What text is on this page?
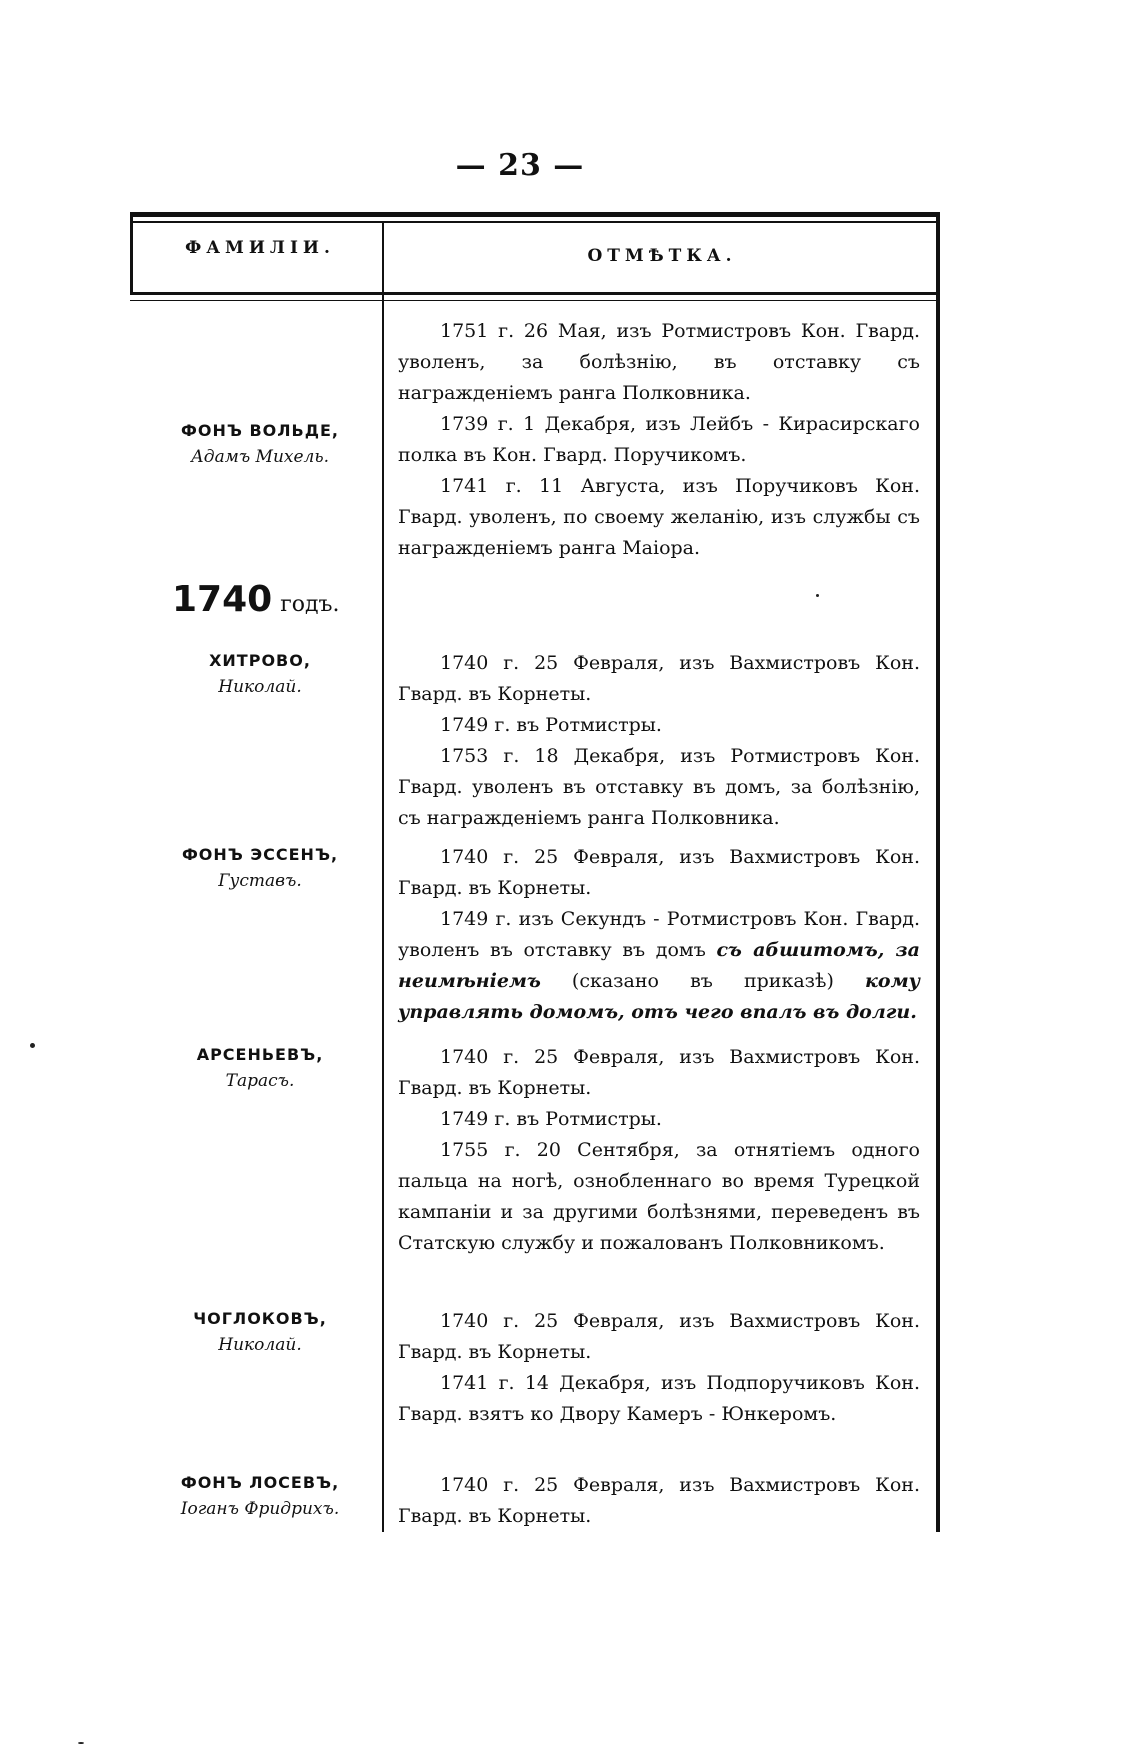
— 23 —
ФАМИЛІИ.	ОТМѢТКА.
ФОНЪ ВОЛЬДЕ,
Адамъ Михель.

1751 г. 26 Мая, изъ Ротмистровъ Кон. Гвард. уволенъ, за болѣзнію, въ отставку съ награжденіемъ ранга Полковника.

1739 г. 1 Декабря, изъ Лейбъ - Кирасирскаго полка въ Кон. Гвард. Поручикомъ.

1741 г. 11 Августа, изъ Поручиковъ Кон. Гвард. уволенъ, по своему желанію, изъ службы съ награжденіемъ ранга Маіора.

1740 годъ.
ХИТРОВО,
Николай.

1740 г. 25 Февраля, изъ Вахмистровъ Кон. Гвард. въ Корнеты.

1749 г. въ Ротмистры.

1753 г. 18 Декабря, изъ Ротмистровъ Кон. Гвард. уволенъ въ отставку въ домъ, за болѣзнію, съ награжденіемъ ранга Полковника.

ФОНЪ ЭССЕНЪ,
Густавъ.

1740 г. 25 Февраля, изъ Вахмистровъ Кон. Гвард. въ Корнеты.

1749 г. изъ Секундъ - Ротмистровъ Кон. Гвард. уволенъ въ отставку въ домъ съ абшитомъ, за неимѣніемъ (сказано въ приказѣ) кому управлять домомъ, отъ чего впалъ въ долги.

АРСЕНЬЕВЪ,
Тарасъ.

1740 г. 25 Февраля, изъ Вахмистровъ Кон. Гвард. въ Корнеты.

1749 г. въ Ротмистры.

1755 г. 20 Сентября, за отнятіемъ одного пальца на ногѣ, ознобленнаго во время Турецкой кампаніи и за другими болѣзнями, переведенъ въ Статскую службу и пожалованъ Полковникомъ.

ЧОГЛОКОВЪ,
Николай.

1740 г. 25 Февраля, изъ Вахмистровъ Кон. Гвард. въ Корнеты.

1741 г. 14 Декабря, изъ Подпоручиковъ Кон. Гвард. взятъ ко Двору Камеръ - Юнкеромъ.

ФОНЪ ЛОСЕВЪ,
Іоганъ Фридрихъ.

1740 г. 25 Февраля, изъ Вахмистровъ Кон. Гвард. въ Корнеты.
